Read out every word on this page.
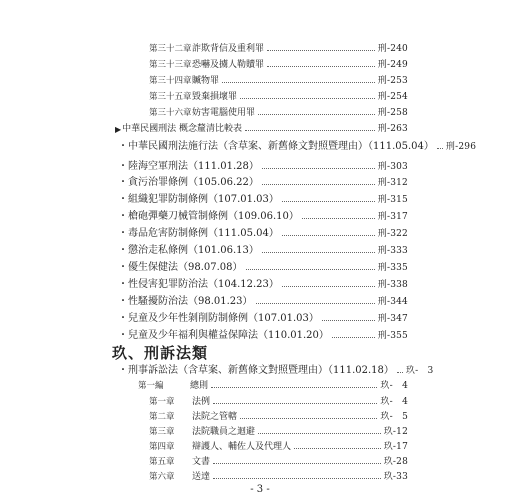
第三十二章 詐欺背信及重利罪	刑-240
第三十三章 恐嚇及擄人勒贖罪	刑-249
第三十四章 贓物罪	刑-253
第三十五章 毀棄損壞罪	刑-254
第三十六章 妨害電腦使用罪	刑-258
▶ 中華民國刑法 概念釐清比較表	刑-263
・中華民國刑法施行法（含草案、新舊條文對照暨理由）（111.05.04） 刑-296
・陸海空軍刑法（111.01.28）	刑-303
・貪污治罪條例（105.06.22）	刑-312
・組織犯罪防制條例（107.01.03）	刑-315
・槍砲彈藥刀械管制條例（109.06.10）	刑-317
・毒品危害防制條例（111.05.04）	刑-322
・懲治走私條例（101.06.13）	刑-333
・優生保健法（98.07.08）	刑-335
・性侵害犯罪防治法（104.12.23）	刑-338
・性騷擾防治法（98.01.23）	刑-344
・兒童及少年性剝削防制條例（107.01.03）	刑-347
・兒童及少年福利與權益保障法（110.01.20）	刑-355
玖、刑訴法類
・刑事訴訟法（含草案、新舊條文對照暨理由）（111.02.18） 玖-　3
第一編	總則	玖-　4
第一章	法例	玖-　4
第二章	法院之管轄	玖-　5
- 3 -
第三章	法院職員之迴避	玖-12
第四章	辯護人、輔佐人及代理人	玖-17
第五章	文書	玖-28
第六章	送達	玖-33
